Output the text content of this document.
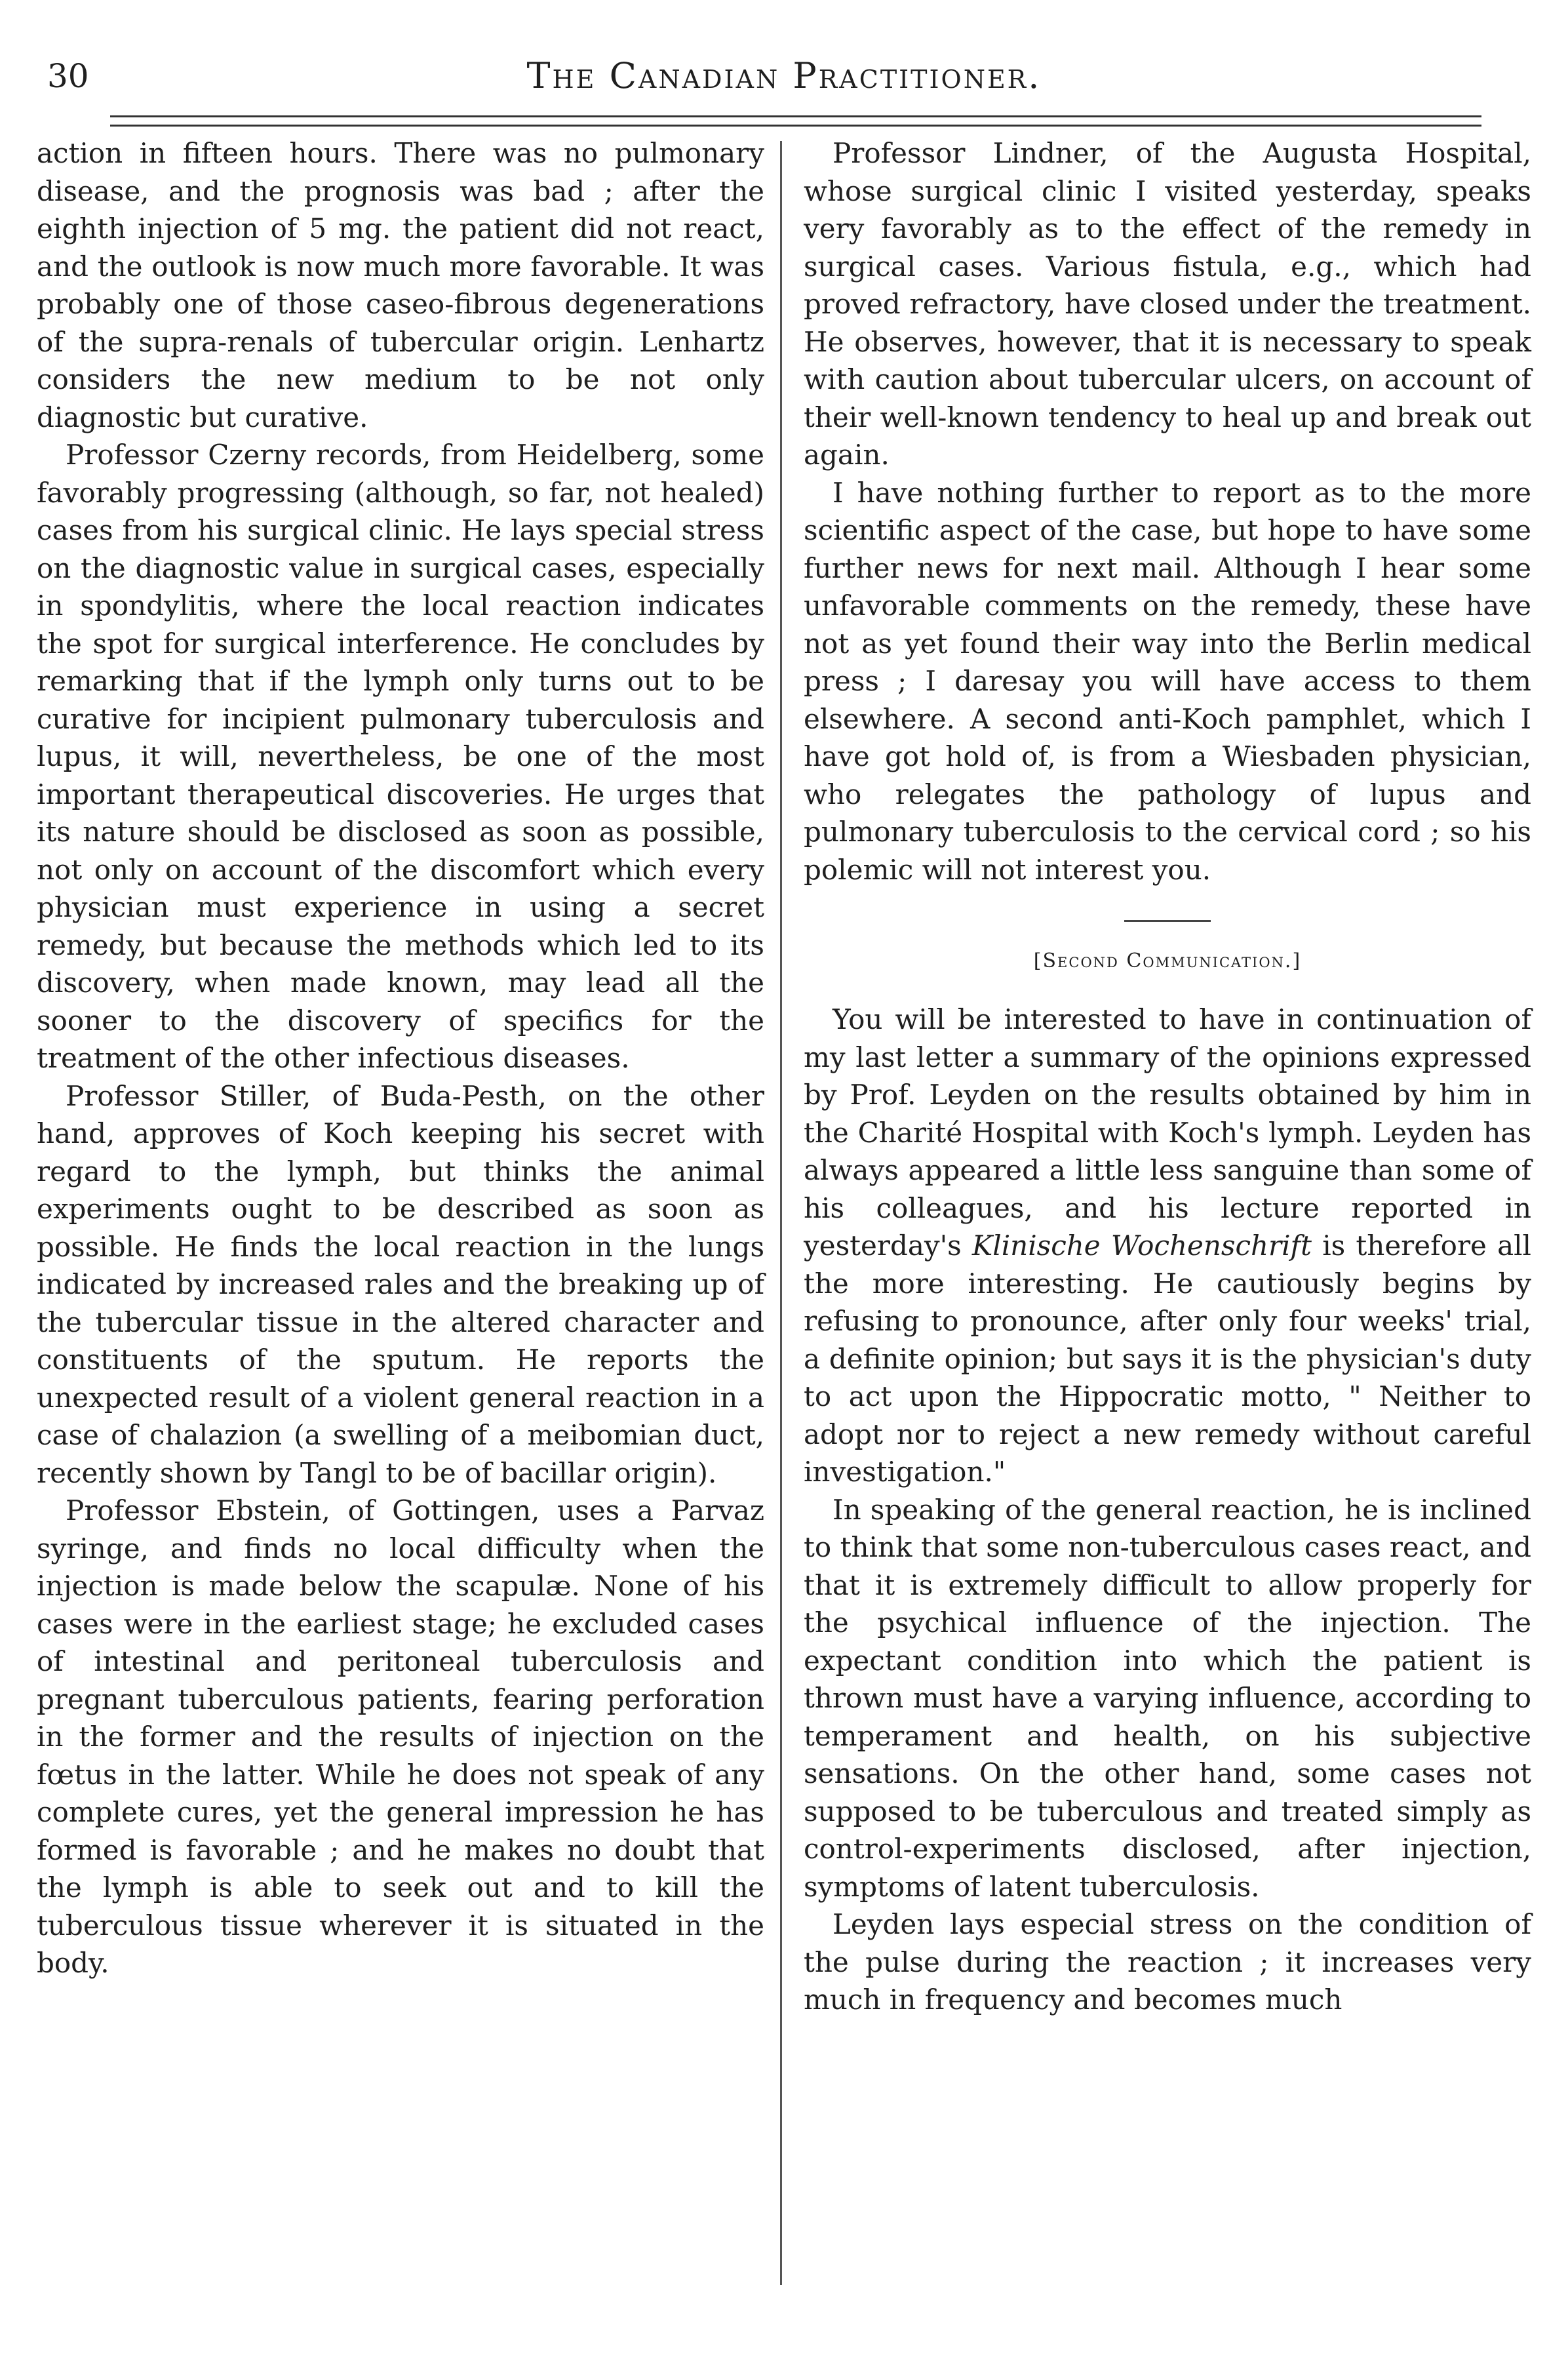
30	The Canadian Practitioner.

action in fifteen hours. There was no pulmonary disease, and the prognosis was bad ; after the eighth injection of 5 mg. the patient did not react, and the outlook is now much more favorable. It was probably one of those caseo-fibrous degenerations of the supra-renals of tubercular origin. Lenhartz considers the new medium to be not only diagnostic but curative.

Professor Czerny records, from Heidelberg, some favorably progressing (although, so far, not healed) cases from his surgical clinic. He lays special stress on the diagnostic value in surgical cases, especially in spondylitis, where the local reaction indicates the spot for surgical interference. He concludes by remarking that if the lymph only turns out to be curative for incipient pulmonary tuberculosis and lupus, it will, nevertheless, be one of the most important therapeutical discoveries. He urges that its nature should be disclosed as soon as possible, not only on account of the discomfort which every physician must experience in using a secret remedy, but because the methods which led to its discovery, when made known, may lead all the sooner to the discovery of specifics for the treatment of the other infectious diseases.

Professor Stiller, of Buda-Pesth, on the other hand, approves of Koch keeping his secret with regard to the lymph, but thinks the animal experiments ought to be described as soon as possible. He finds the local reaction in the lungs indicated by increased rales and the breaking up of the tubercular tissue in the altered character and constituents of the sputum. He reports the unexpected result of a violent general reaction in a case of chalazion (a swelling of a meibomian duct, recently shown by Tangl to be of bacillar origin).

Professor Ebstein, of Gottingen, uses a Parvaz syringe, and finds no local difficulty when the injection is made below the scapulæ. None of his cases were in the earliest stage; he excluded cases of intestinal and peritoneal tuberculosis and pregnant tuberculous patients, fearing perforation in the former and the results of injection on the fœtus in the latter. While he does not speak of any complete cures, yet the general impression he has formed is favorable ; and he makes no doubt that the lymph is able to seek out and to kill the tuberculous tissue wherever it is situated in the body.

Professor Lindner, of the Augusta Hospital, whose surgical clinic I visited yesterday, speaks very favorably as to the effect of the remedy in surgical cases. Various fistula, e.g., which had proved refractory, have closed under the treatment. He observes, however, that it is necessary to speak with caution about tubercular ulcers, on account of their well-known tendency to heal up and break out again.

I have nothing further to report as to the more scientific aspect of the case, but hope to have some further news for next mail. Although I hear some unfavorable comments on the remedy, these have not as yet found their way into the Berlin medical press ; I daresay you will have access to them elsewhere. A second anti-Koch pamphlet, which I have got hold of, is from a Wiesbaden physician, who relegates the pathology of lupus and pulmonary tuberculosis to the cervical cord ; so his polemic will not interest you.

[Second Communication.]

You will be interested to have in continuation of my last letter a summary of the opinions expressed by Prof. Leyden on the results obtained by him in the Charité Hospital with Koch's lymph. Leyden has always appeared a little less sanguine than some of his colleagues, and his lecture reported in yesterday's Klinische Wochenschrift is therefore all the more interesting. He cautiously begins by refusing to pronounce, after only four weeks' trial, a definite opinion; but says it is the physician's duty to act upon the Hippocratic motto, " Neither to adopt nor to reject a new remedy without careful investigation."

In speaking of the general reaction, he is inclined to think that some non-tuberculous cases react, and that it is extremely difficult to allow properly for the psychical influence of the injection. The expectant condition into which the patient is thrown must have a varying influence, according to temperament and health, on his subjective sensations. On the other hand, some cases not supposed to be tuberculous and treated simply as control-experiments disclosed, after injection, symptoms of latent tuberculosis.

Leyden lays especial stress on the condition of the pulse during the reaction ; it increases very much in frequency and becomes much
